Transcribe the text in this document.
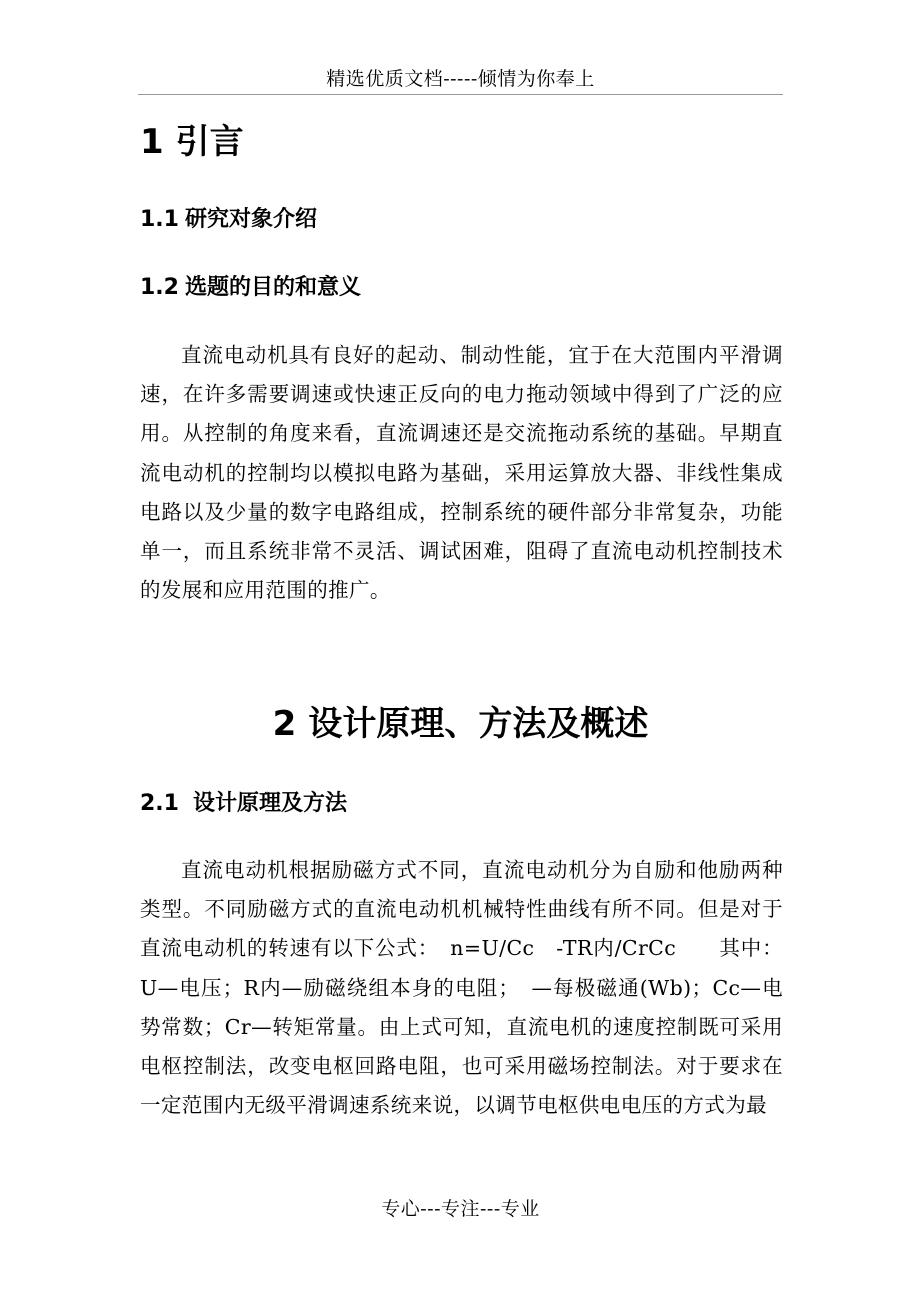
精选优质文档-----倾情为你奉上
1 引言
1.1 研究对象介绍
1.2 选题的目的和意义

直流电动机具有良好的起动、制动性能，宜于在大范围内平滑调速，在许多需要调速或快速正反向的电力拖动领域中得到了广泛的应用。从控制的角度来看，直流调速还是交流拖动系统的基础。早期直流电动机的控制均以模拟电路为基础，采用运算放大器、非线性集成电路以及少量的数字电路组成，控制系统的硬件部分非常复杂，功能单一，而且系统非常不灵活、调试困难，阻碍了直流电动机控制技术的发展和应用范围的推广。

2 设计原理、方法及概述
2.1 设计原理及方法

直流电动机根据励磁方式不同，直流电动机分为自励和他励两种类型。不同励磁方式的直流电动机机械特性曲线有所不同。但是对于直流电动机的转速有以下公式：　n=U/Cc　-TR内/CrCc　　其中：U—电压；R内—励磁绕组本身的电阻；　—每极磁通(Wb)；Cc—电势常数；Cr—转矩常量。由上式可知，直流电机的速度控制既可采用电枢控制法，改变电枢回路电阻，也可采用磁场控制法。对于要求在一定范围内无级平滑调速系统来说，以调节电枢供电电压的方式为最

专心---专注---专业
